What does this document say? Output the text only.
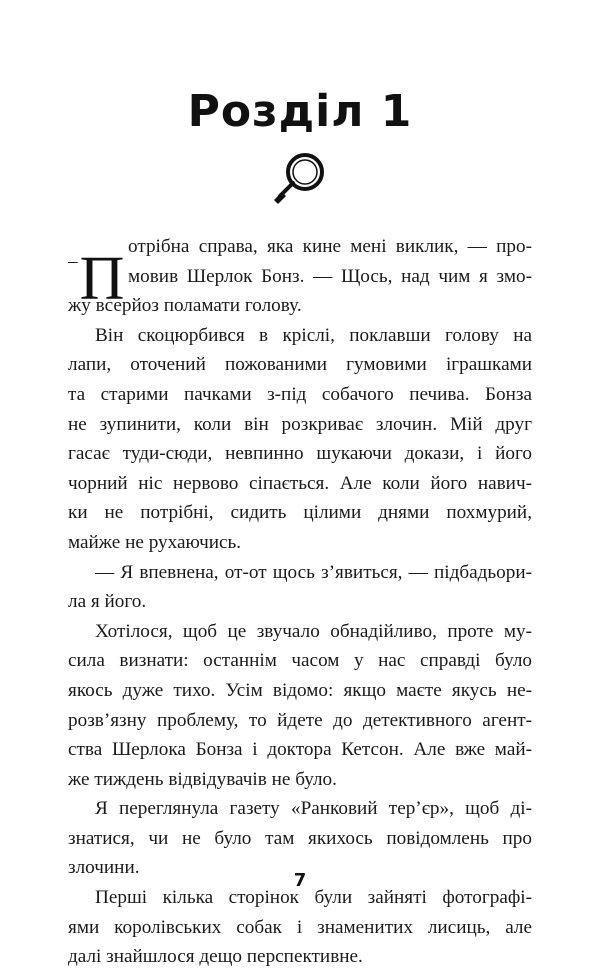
Розділ 1
–П отрібна справа, яка кине мені виклик, — про-
мовив Шерлок Бонз. — Щось, над чим я змо-
жу всерйоз поламати голову.
Він скоцюрбився в кріслі, поклавши голову на
лапи, оточений пожованими гумовими іграшками
та старими пачками з-під собачого печива. Бонза
не зупинити, коли він розкриває злочин. Мій друг
гасає туди-сюди, невпинно шукаючи докази, і його
чорний ніс нервово сіпається. Але коли його навич-
ки не потрібні, сидить цілими днями похмурий,
майже не рухаючись.
— Я впевнена, от-от щось з’явиться, — підбадьори-
ла я його.
Хотілося, щоб це звучало обнадійливо, проте му-
сила визнати: останнім часом у нас справді було
якось дуже тихо. Усім відомо: якщо маєте якусь не-
розв’язну проблему, то йдете до детективного агент-
ства Шерлока Бонза і доктора Кетсон. Але вже май-
же тиждень відвідувачів не було.
Я переглянула газету «Ранковий тер’єр», щоб ді-
знатися, чи не було там якихось повідомлень про
злочини.
Перші кілька сторінок були зайняті фотографі-
ями королівських собак і знаменитих лисиць, але
далі знайшлося дещо перспективне.
7
